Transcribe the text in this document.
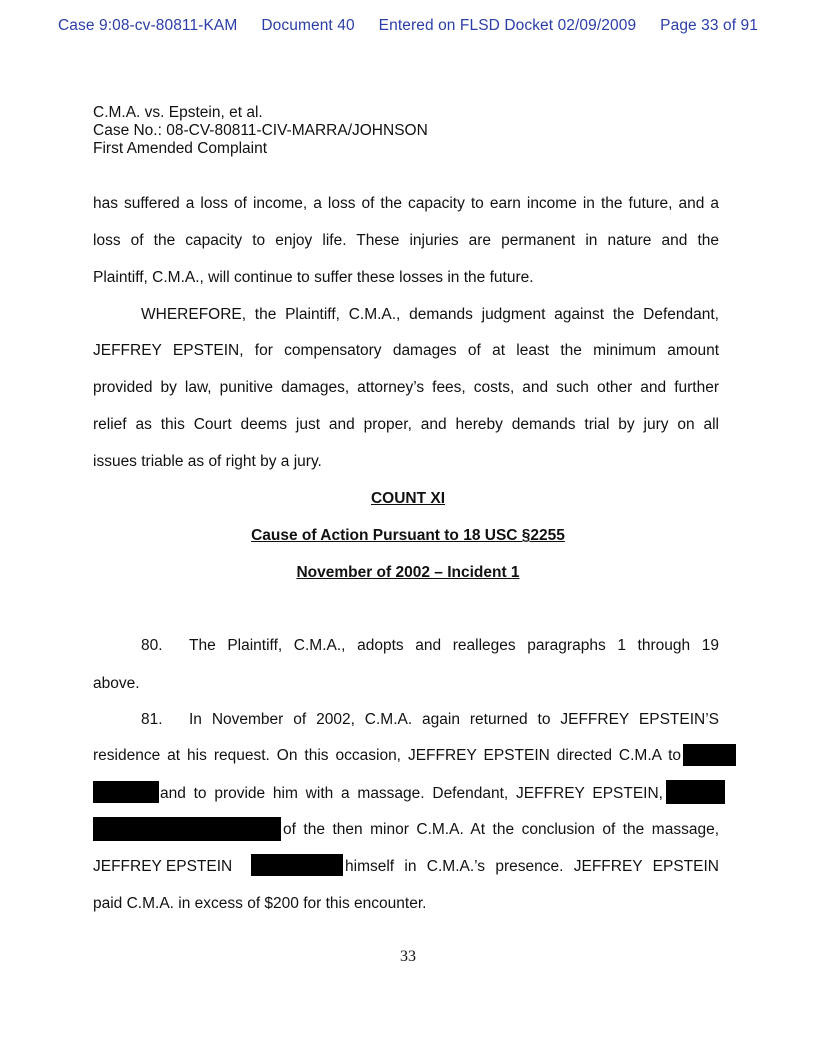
Case 9:08-cv-80811-KAM Document 40 Entered on FLSD Docket 02/09/2009 Page 33 of 91
C.M.A. vs. Epstein, et al.
Case No.: 08-CV-80811-CIV-MARRA/JOHNSON
First Amended Complaint
has suffered a loss of income, a loss of the capacity to earn income in the future, and a
loss of the capacity to enjoy life. These injuries are permanent in nature and the
Plaintiff, C.M.A., will continue to suffer these losses in the future.
WHEREFORE, the Plaintiff, C.M.A., demands judgment against the Defendant,
JEFFREY EPSTEIN, for compensatory damages of at least the minimum amount
provided by law, punitive damages, attorney’s fees, costs, and such other and further
relief as this Court deems just and proper, and hereby demands trial by jury on all
issues triable as of right by a jury.
COUNT XI
Cause of Action Pursuant to 18 USC §2255
November of 2002 – Incident 1
80. The Plaintiff, C.M.A., adopts and realleges paragraphs 1 through 19
above.
81. In November of 2002, C.M.A. again returned to JEFFREY EPSTEIN’S
residence at his request. On this occasion, JEFFREY EPSTEIN directed C.M.A to
and to provide him with a massage. Defendant, JEFFREY EPSTEIN,
of the then minor C.M.A. At the conclusion of the massage,
JEFFREY EPSTEIN	himself in C.M.A.’s presence. JEFFREY EPSTEIN
paid C.M.A. in excess of $200 for this encounter.
33
